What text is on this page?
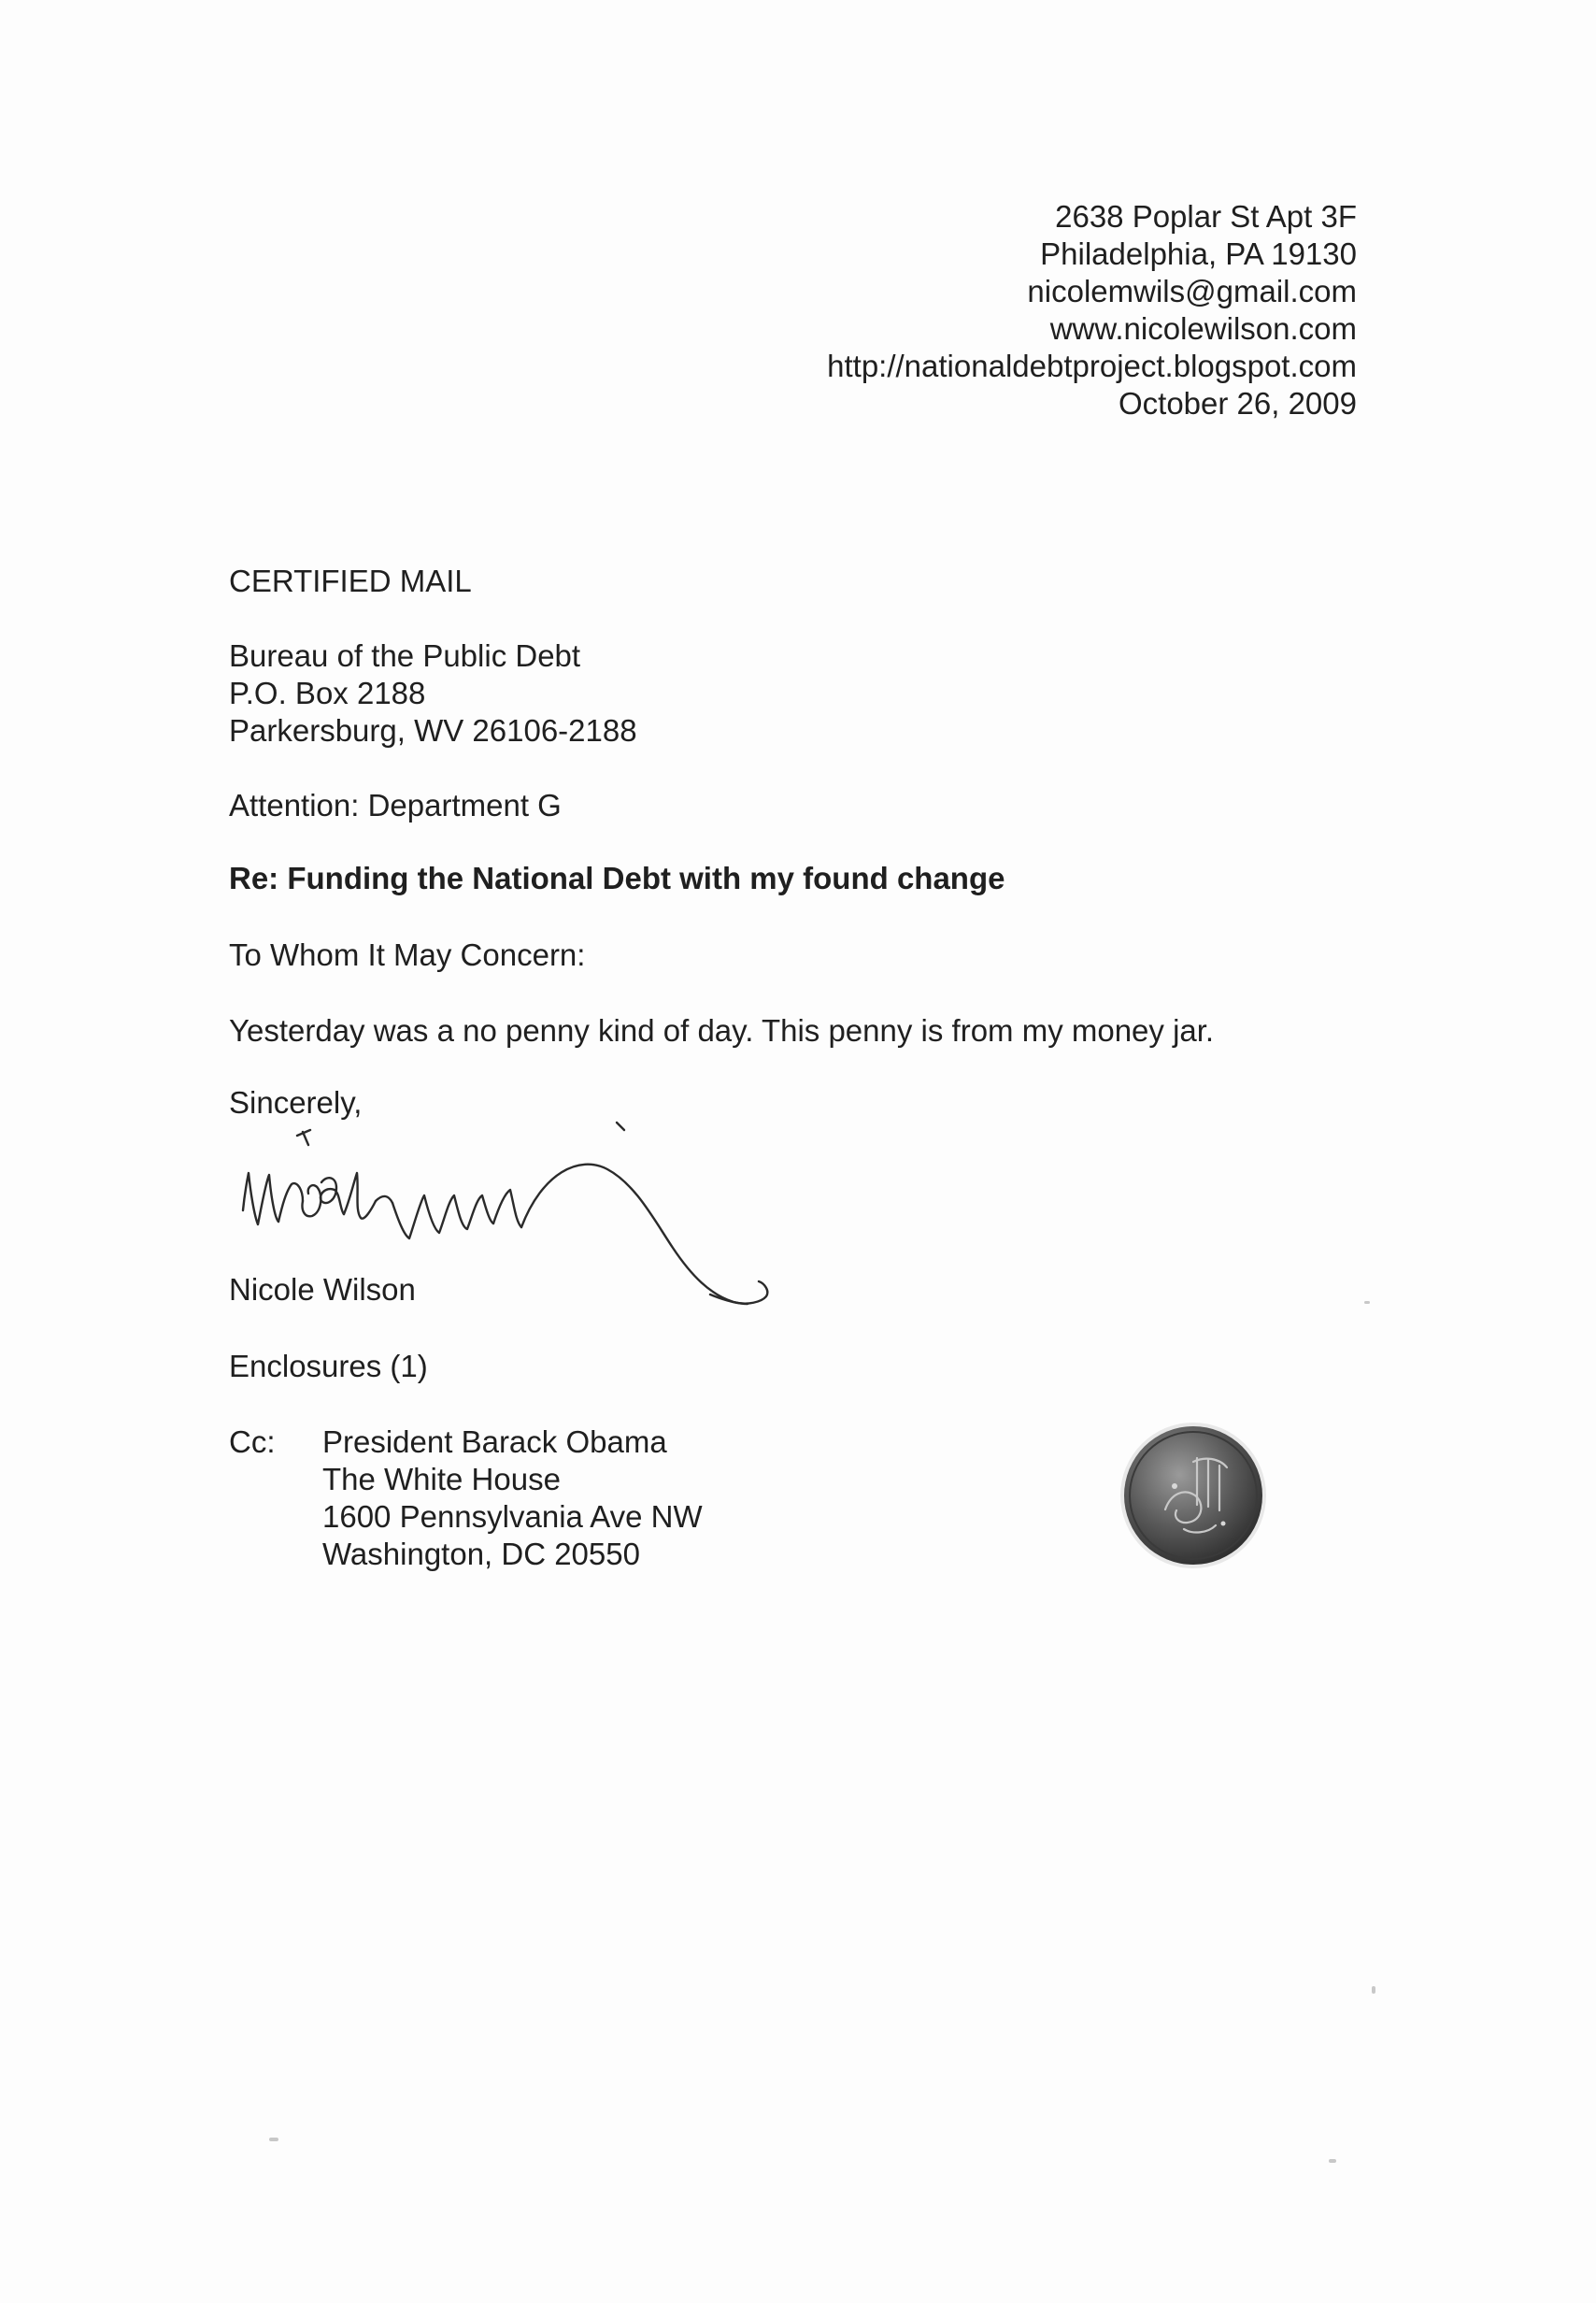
2638 Poplar St Apt 3F
Philadelphia, PA 19130
nicolemwils@gmail.com
www.nicolewilson.com
http://nationaldebtproject.blogspot.com
October 26, 2009
CERTIFIED MAIL
Bureau of the Public Debt
P.O. Box 2188
Parkersburg, WV 26106-2188
Attention: Department G
Re: Funding the National Debt with my found change
To Whom It May Concern:
Yesterday was a no penny kind of day. This penny is from my money jar.
Sincerely,
Nicole Wilson
Enclosures (1)
Cc: President Barack Obama
The White House
1600 Pennsylvania Ave NW
Washington, DC 20550
